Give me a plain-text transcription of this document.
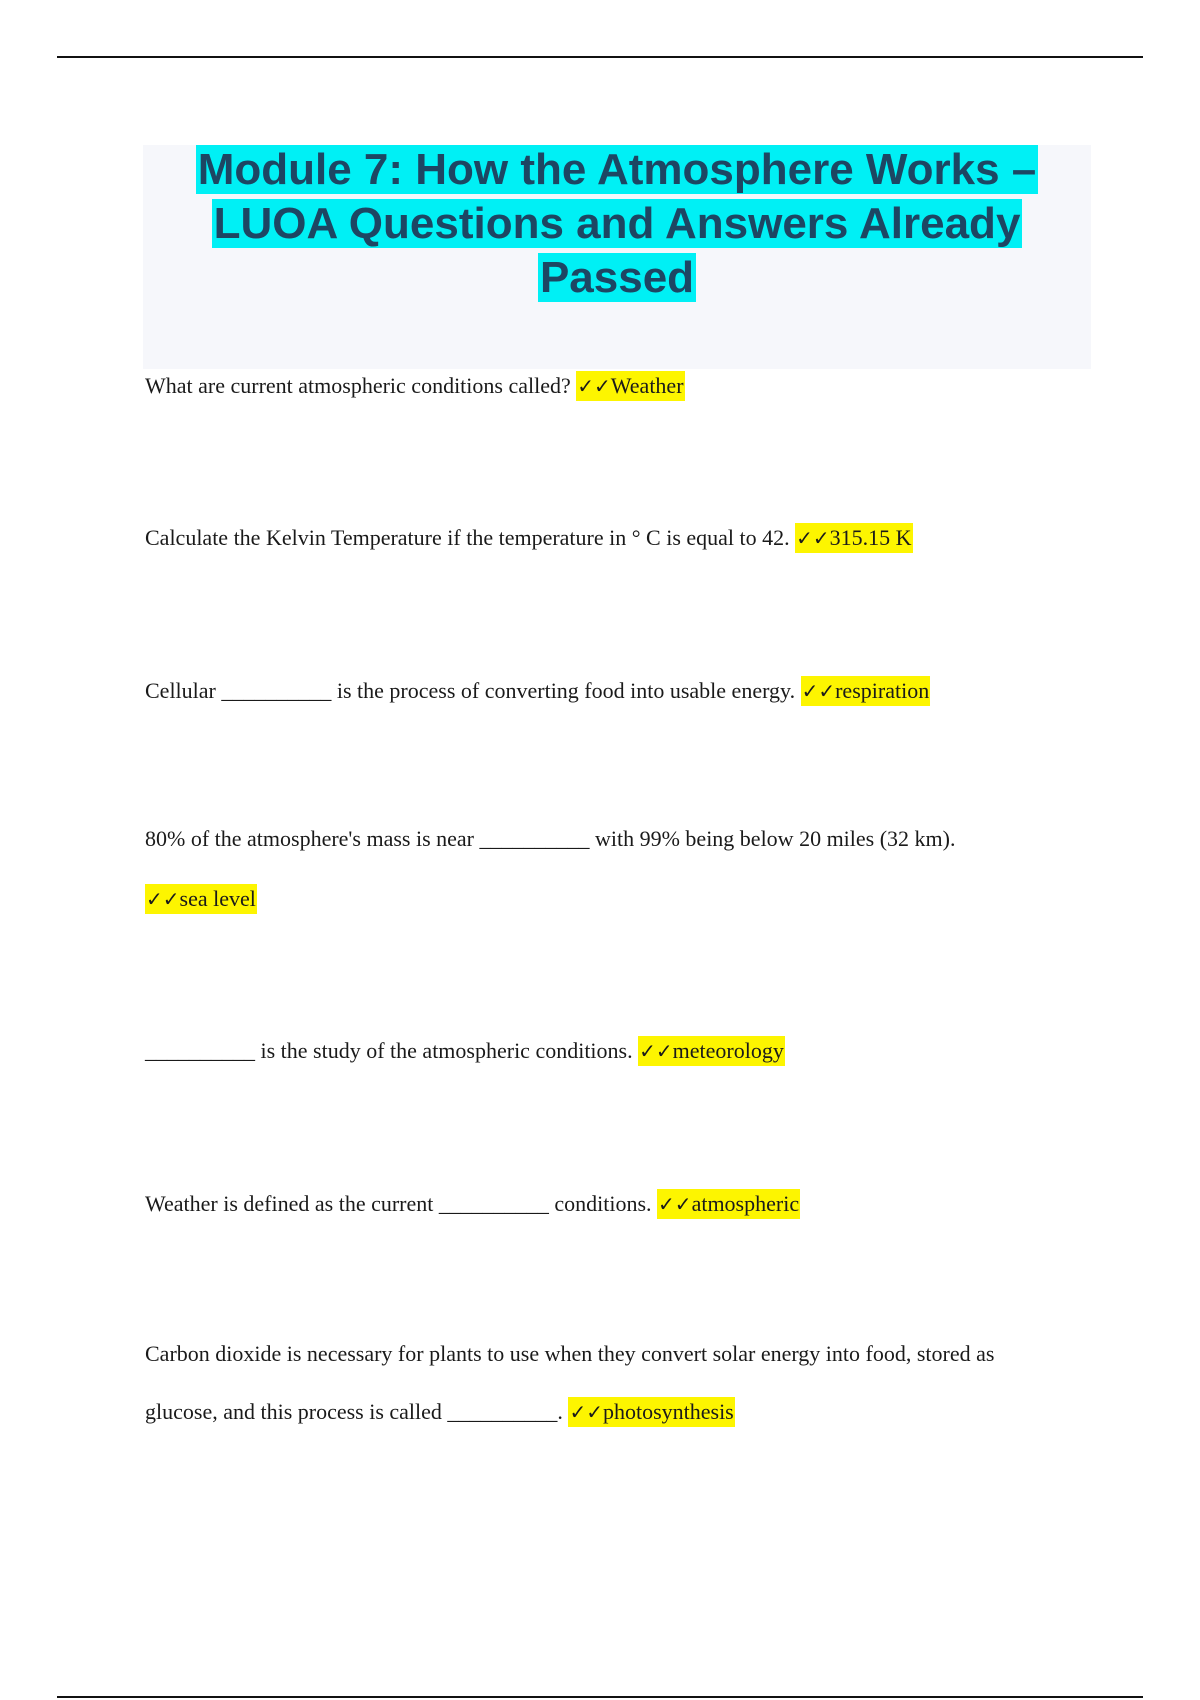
Module 7: How the Atmosphere Works – LUOA Questions and Answers Already Passed

What are current atmospheric conditions called? ✓✓Weather

Calculate the Kelvin Temperature if the temperature in ° C is equal to 42. ✓✓315.15 K

Cellular __________ is the process of converting food into usable energy. ✓✓respiration

80% of the atmosphere's mass is near __________ with 99% being below 20 miles (32 km).

✓✓sea level

__________ is the study of the atmospheric conditions. ✓✓meteorology

Weather is defined as the current __________ conditions. ✓✓atmospheric

Carbon dioxide is necessary for plants to use when they convert solar energy into food, stored as

glucose, and this process is called __________. ✓✓photosynthesis
